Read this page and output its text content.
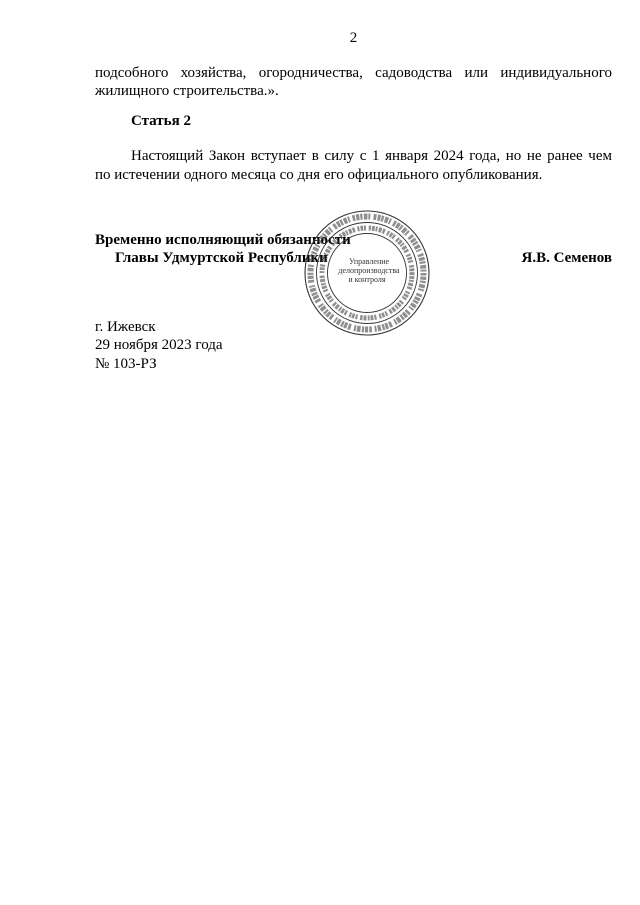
2
подсобного хозяйства, огородничества, садоводства или индивидуального
жилищного строительства.».
Статья 2
Настоящий Закон вступает в силу с 1 января 2024 года, но не ранее чем
по истечении одного месяца со дня его официального опубликования.
Временно исполняющий обязанности
Главы Удмуртской Республики	Я.В. Семенов
Управление
делопроизводства
и контроля
г. Ижевск
29 ноября 2023 года
№ 103-РЗ
